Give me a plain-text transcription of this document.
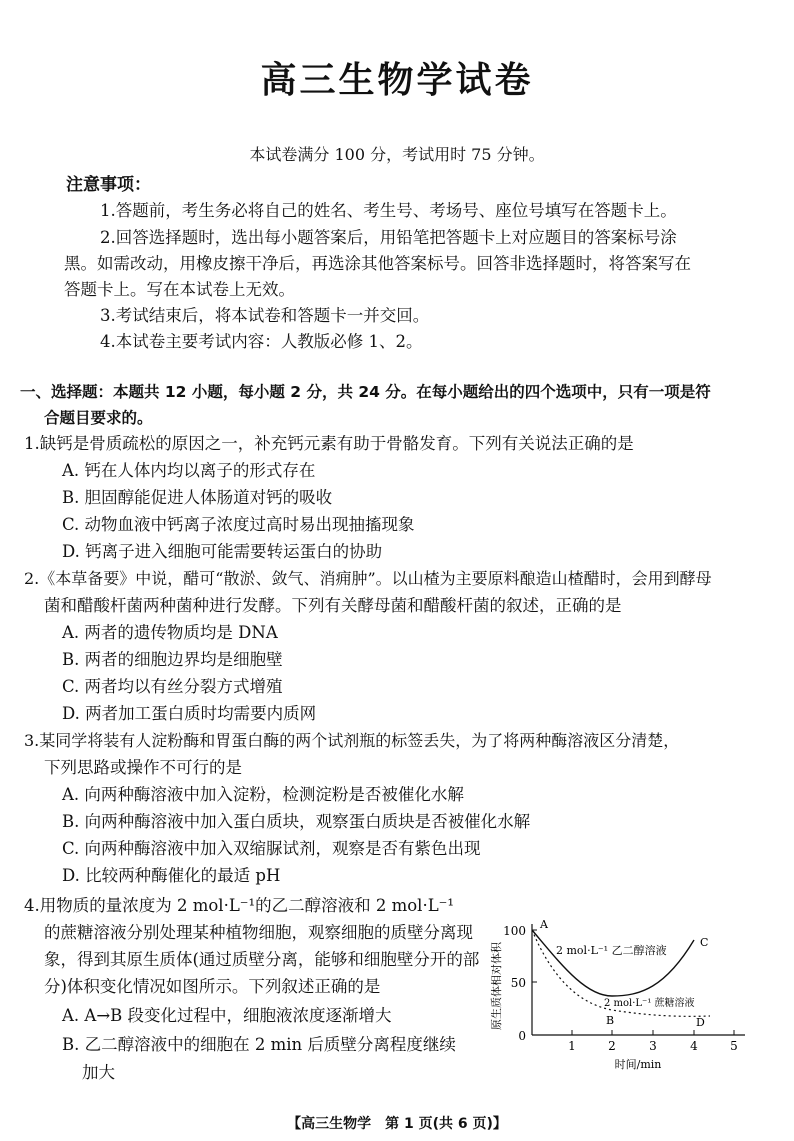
高三生物学试卷
本试卷满分 100 分，考试用时 75 分钟。
注意事项：
1.答题前，考生务必将自己的姓名、考生号、考场号、座位号填写在答题卡上。
2.回答选择题时，选出每小题答案后，用铅笔把答题卡上对应题目的答案标号涂
黑。如需改动，用橡皮擦干净后，再选涂其他答案标号。回答非选择题时，将答案写在
答题卡上。写在本试卷上无效。
3.考试结束后，将本试卷和答题卡一并交回。
4.本试卷主要考试内容：人教版必修 1、2。
一、选择题：本题共 12 小题，每小题 2 分，共 24 分。在每小题给出的四个选项中，只有一项是符
合题目要求的。
1.缺钙是骨质疏松的原因之一，补充钙元素有助于骨骼发育。下列有关说法正确的是
A. 钙在人体内均以离子的形式存在
B. 胆固醇能促进人体肠道对钙的吸收
C. 动物血液中钙离子浓度过高时易出现抽搐现象
D. 钙离子进入细胞可能需要转运蛋白的协助
2.《本草备要》中说，醋可“散淤、敛气、消痈肿”。以山楂为主要原料酿造山楂醋时，会用到酵母
菌和醋酸杆菌两种菌种进行发酵。下列有关酵母菌和醋酸杆菌的叙述，正确的是
A. 两者的遗传物质均是 DNA
B. 两者的细胞边界均是细胞壁
C. 两者均以有丝分裂方式增殖
D. 两者加工蛋白质时均需要内质网
3.某同学将装有人淀粉酶和胃蛋白酶的两个试剂瓶的标签丢失，为了将两种酶溶液区分清楚，
下列思路或操作不可行的是
A. 向两种酶溶液中加入淀粉，检测淀粉是否被催化水解
B. 向两种酶溶液中加入蛋白质块，观察蛋白质块是否被催化水解
C. 向两种酶溶液中加入双缩脲试剂，观察是否有紫色出现
D. 比较两种酶催化的最适 pH
4.用物质的量浓度为 2 mol·L⁻¹的乙二醇溶液和 2 mol·L⁻¹
的蔗糖溶液分别处理某种植物细胞，观察细胞的质壁分离现
象，得到其原生质体(通过质壁分离，能够和细胞壁分开的部
分)体积变化情况如图所示。下列叙述正确的是
A. A→B 段变化过程中，细胞液浓度逐渐增大
B. 乙二醇溶液中的细胞在 2 min 后质壁分离程度继续
加大
原生质体相对体积
100
50
0
1	2	3	4	5
时间/min
A
B
C
D
2 mol·L⁻¹ 乙二醇溶液
2 mol·L⁻¹ 蔗糖溶液
【高三生物学　第 1 页(共 6 页)】
